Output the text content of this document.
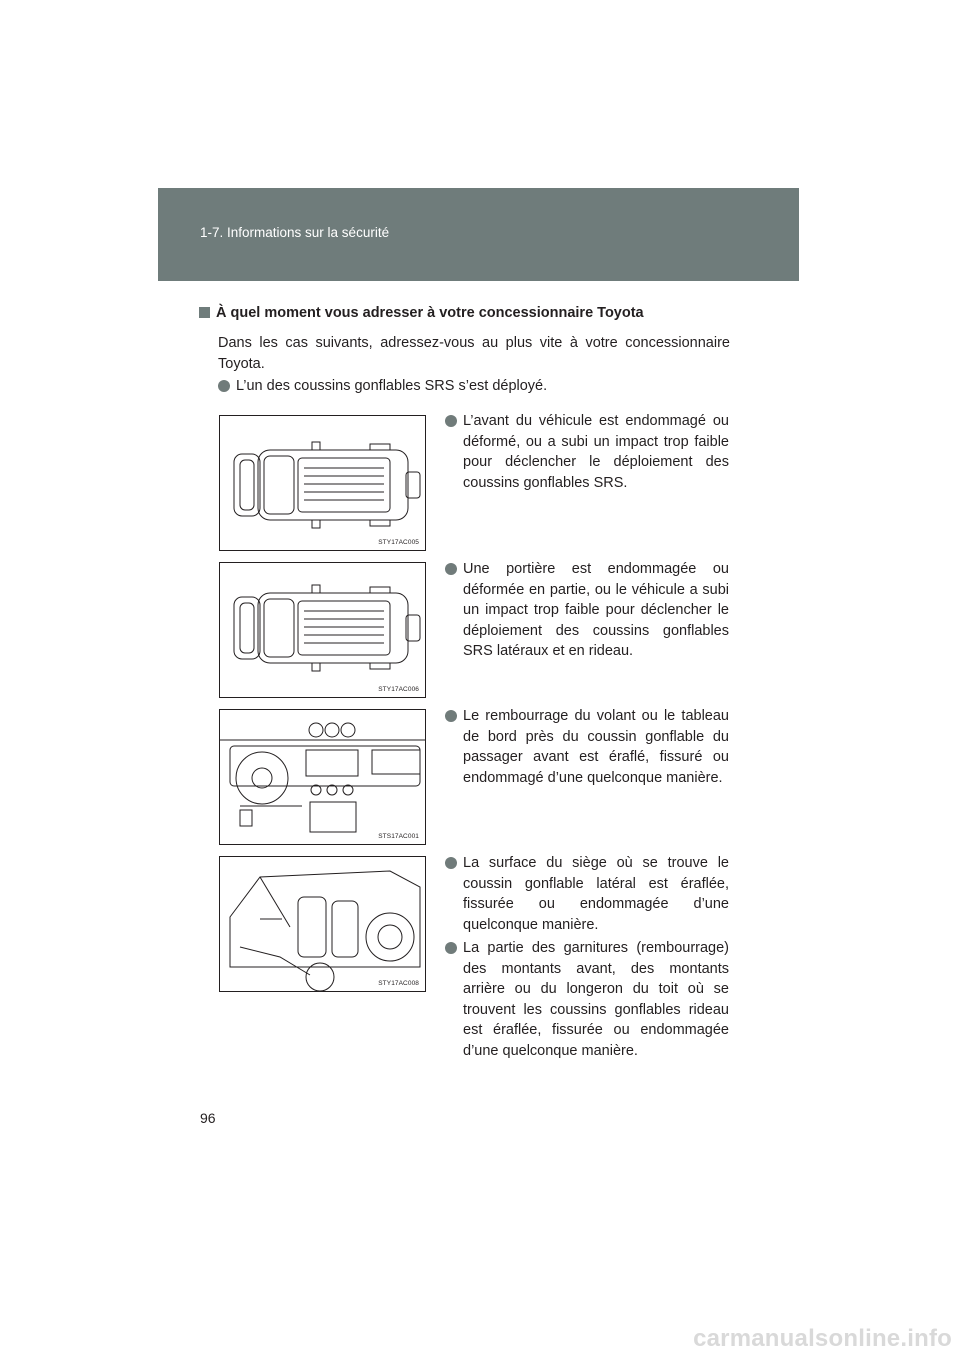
1-7. Informations sur la sécurité
À quel moment vous adresser à votre concessionnaire Toyota
Dans les cas suivants, adressez-vous au plus vite à votre concessionnaire Toyota.
L’un des coussins gonflables SRS s’est déployé.
STY17AC005
L’avant du véhicule est endommagé ou déformé, ou a subi un impact trop faible pour déclencher le déploiement des coussins gonflables SRS.
STY17AC006
Une portière est endommagée ou déformée en partie, ou le véhicule a subi un impact trop faible pour déclencher le déploiement des coussins gonflables SRS latéraux et en rideau.
STS17AC001
Le rembourrage du volant ou le tableau de bord près du coussin gonflable du passager avant est éraflé, fissuré ou endommagé d’une quelconque manière.
STY17AC008
La surface du siège où se trouve le coussin gonflable latéral est éraflée, fissurée ou endommagée d’une quelconque manière.
La partie des garnitures (rembourrage) des montants avant, des montants arrière ou du longeron du toit où se trouvent les coussins gonflables rideau est éraflée, fissurée ou endommagée d’une quelconque manière.
96
carmanualsonline.info
